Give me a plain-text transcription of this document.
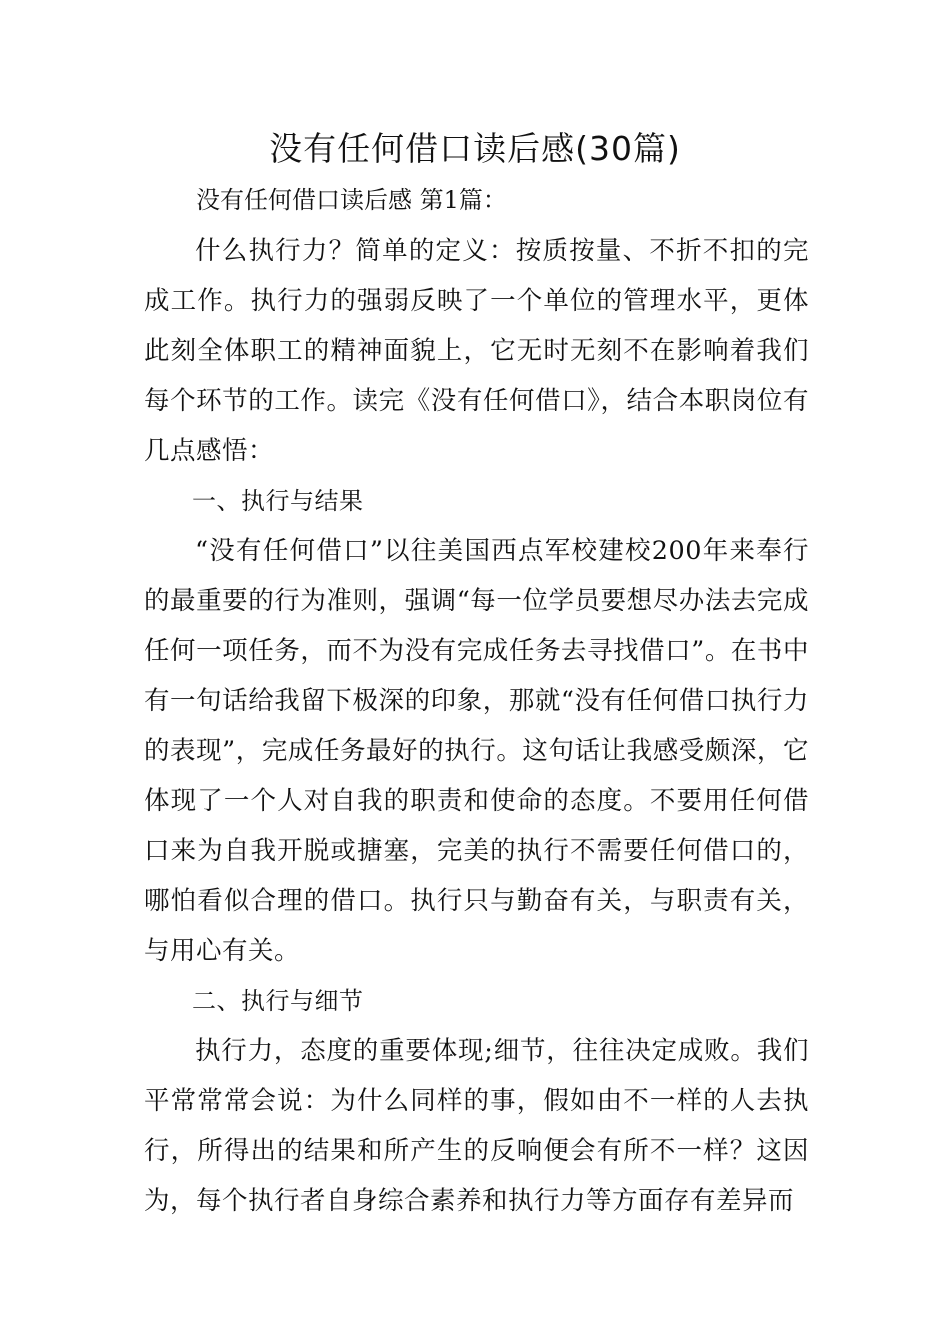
没有任何借口读后感(30篇)

没有任何借口读后感 第1篇：

什么执行力？简单的定义：按质按量、不折不扣的完成工作。执行力的强弱反映了一个单位的管理水平，更体此刻全体职工的精神面貌上，它无时无刻不在影响着我们每个环节的工作。读完《没有任何借口》，结合本职岗位有几点感悟：

一、执行与结果

“没有任何借口”以往美国西点军校建校200年来奉行的最重要的行为准则，强调“每一位学员要想尽办法去完成任何一项任务，而不为没有完成任务去寻找借口”。在书中有一句话给我留下极深的印象，那就“没有任何借口执行力的表现”，完成任务最好的执行。这句话让我感受颇深，它体现了一个人对自我的职责和使命的态度。不要用任何借口来为自我开脱或搪塞，完美的执行不需要任何借口的，哪怕看似合理的借口。执行只与勤奋有关，与职责有关，与用心有关。

二、执行与细节

执行力，态度的重要体现;细节，往往决定成败。我们平常常常会说：为什么同样的事，假如由不一样的人去执行，所得出的结果和所产生的反响便会有所不一样？这因为，每个执行者自身综合素养和执行力等方面存有差异而
